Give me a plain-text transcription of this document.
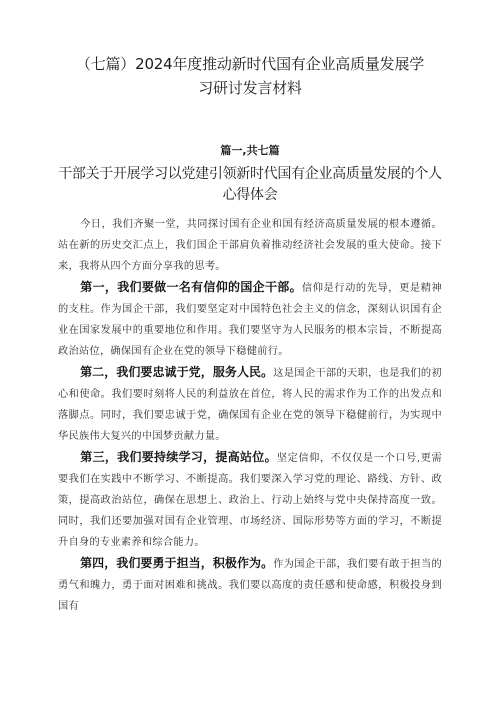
（七篇）2024年度推动新时代国有企业高质量发展学
习研讨发言材料
篇一,共七篇
干部关于开展学习以党建引领新时代国有企业高质量发展的个人
心得体会

今日，我们齐聚一堂，共同探讨国有企业和国有经济高质量发展的根本遵循。站在新的历史交汇点上，我们国企干部肩负着推动经济社会发展的重大使命。接下来，我将从四个方面分享我的思考。

第一，我们要做一名有信仰的国企干部。信仰是行动的先导，更是精神的支柱。作为国企干部，我们要坚定对中国特色社会主义的信念，深刻认识国有企业在国家发展中的重要地位和作用。我们要坚守为人民服务的根本宗旨，不断提高政治站位，确保国有企业在党的领导下稳健前行。

第二，我们要忠诚于党，服务人民。这是国企干部的天职，也是我们的初心和使命。我们要时刻将人民的利益放在首位，将人民的需求作为工作的出发点和落脚点。同时，我们要忠诚于党，确保国有企业在党的领导下稳健前行，为实现中华民族伟大复兴的中国梦贡献力量。

第三，我们要持续学习，提高站位。坚定信仰，不仅仅是一个口号,更需要我们在实践中不断学习、不断提高。我们要深入学习党的理论、路线、方针、政策，提高政治站位，确保在思想上、政治上、行动上始终与党中央保持高度一致。同时，我们还要加强对国有企业管理、市场经济、国际形势等方面的学习，不断提升自身的专业素养和综合能力。

第四，我们要勇于担当，积极作为。作为国企干部，我们要有敢于担当的勇气和魄力，勇于面对困难和挑战。我们要以高度的责任感和使命感，积极投身到国有
